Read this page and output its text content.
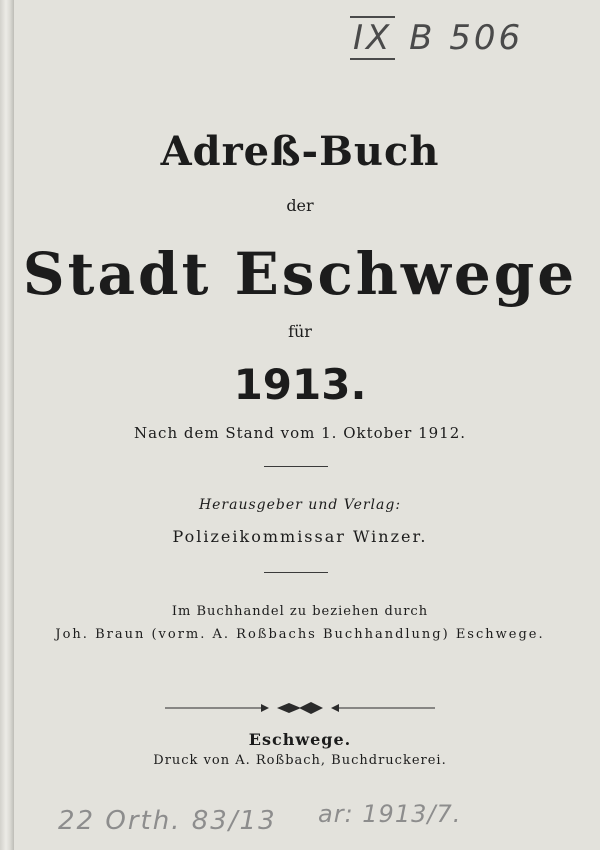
IX B 506
Adreß-Buch
der
Stadt Eschwege
für
1913.
Nach dem Stand vom 1. Oktober 1912.
Herausgeber und Verlag:
Polizeikommissar Winzer.
Im Buchhandel zu beziehen durch
Joh. Braun (vorm. A. Roßbachs Buchhandlung) Eschwege.
Eschwege.
Druck von A. Roßbach, Buchdruckerei.
22 Orth. 83/13 ar: 1913/7.
